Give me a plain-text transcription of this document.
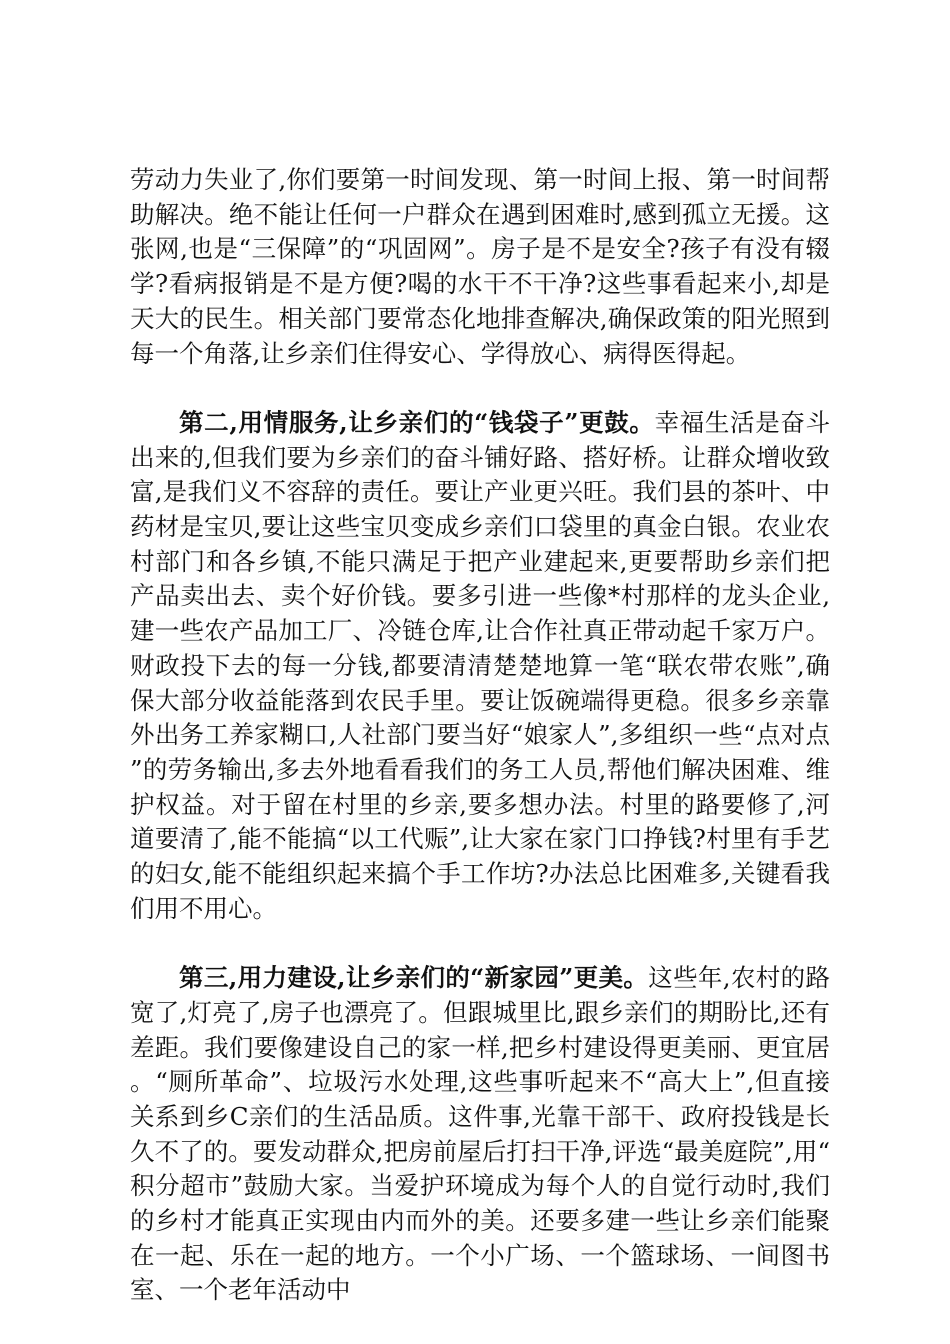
劳动力失业了,你们要第一时间发现、第一时间上报、第一时间帮助解决。绝不能让任何一户群众在遇到困难时,感到孤立无援。这张网,也是“三保障”的“巩固网”。房子是不是安全?孩子有没有辍学?看病报销是不是方便?喝的水干不干净?这些事看起来小,却是天大的民生。相关部门要常态化地排查解决,确保政策的阳光照到每一个角落,让乡亲们住得安心、学得放心、病得医得起。

第二,用情服务,让乡亲们的“钱袋子”更鼓。幸福生活是奋斗出来的,但我们要为乡亲们的奋斗铺好路、搭好桥。让群众增收致富,是我们义不容辞的责任。要让产业更兴旺。我们县的茶叶、中药材是宝贝,要让这些宝贝变成乡亲们口袋里的真金白银。农业农村部门和各乡镇,不能只满足于把产业建起来,更要帮助乡亲们把产品卖出去、卖个好价钱。要多引进一些像*村那样的龙头企业,建一些农产品加工厂、冷链仓库,让合作社真正带动起千家万户。财政投下去的每一分钱,都要清清楚楚地算一笔“联农带农账”,确保大部分收益能落到农民手里。要让饭碗端得更稳。很多乡亲靠外出务工养家糊口,人社部门要当好“娘家人”,多组织一些“点对点”的劳务输出,多去外地看看我们的务工人员,帮他们解决困难、维护权益。对于留在村里的乡亲,要多想办法。村里的路要修了,河道要清了,能不能搞“以工代赈”,让大家在家门口挣钱?村里有手艺的妇女,能不能组织起来搞个手工作坊?办法总比困难多,关键看我们用不用心。

第三,用力建设,让乡亲们的“新家园”更美。这些年,农村的路宽了,灯亮了,房子也漂亮了。但跟城里比,跟乡亲们的期盼比,还有差距。我们要像建设自己的家一样,把乡村建设得更美丽、更宜居。“厕所革命”、垃圾污水处理,这些事听起来不“高大上”,但直接关系到乡C亲们的生活品质。这件事,光靠干部干、政府投钱是长久不了的。要发动群众,把房前屋后打扫干净,评选“最美庭院”,用“积分超市”鼓励大家。当爱护环境成为每个人的自觉行动时,我们的乡村才能真正实现由内而外的美。还要多建一些让乡亲们能聚在一起、乐在一起的地方。一个小广场、一个篮球场、一间图书室、一个老年活动中
